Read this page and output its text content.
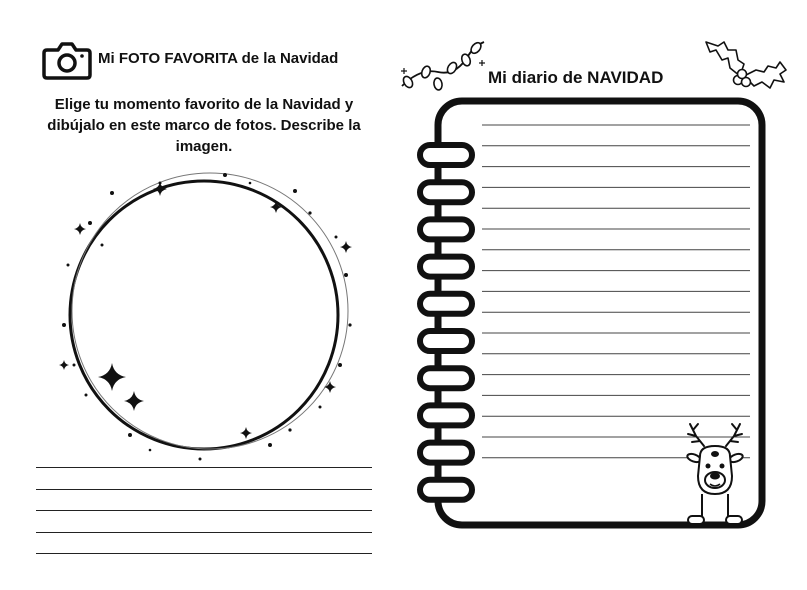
Mi FOTO FAVORITA de la Navidad
Elige tu momento favorito de la Navidad y dibújalo en este marco de fotos. Describe la imagen.
Mi diario de NAVIDAD
